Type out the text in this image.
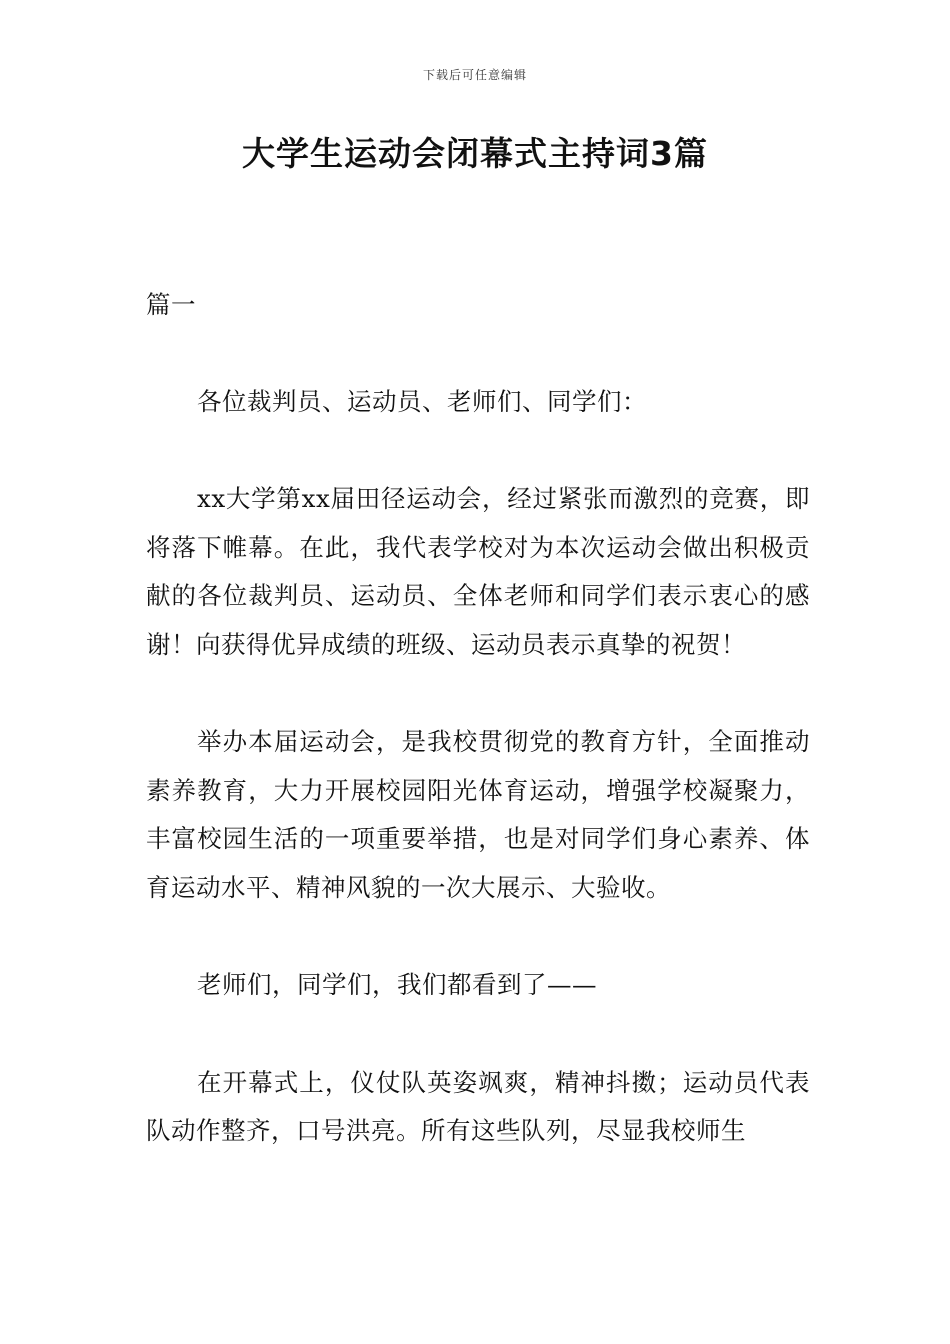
下载后可任意编辑
大学生运动会闭幕式主持词3篇
篇一

各位裁判员、运动员、老师们、同学们：

xx大学第xx届田径运动会，经过紧张而激烈的竞赛，即将落下帷幕。在此，我代表学校对为本次运动会做出积极贡献的各位裁判员、运动员、全体老师和同学们表示衷心的感谢！向获得优异成绩的班级、运动员表示真挚的祝贺！

举办本届运动会，是我校贯彻党的教育方针，全面推动素养教育，大力开展校园阳光体育运动，增强学校凝聚力，丰富校园生活的一项重要举措，也是对同学们身心素养、体育运动水平、精神风貌的一次大展示、大验收。

老师们，同学们，我们都看到了——

在开幕式上，仪仗队英姿飒爽，精神抖擞；运动员代表队动作整齐，口号洪亮。所有这些队列，尽显我校师生
